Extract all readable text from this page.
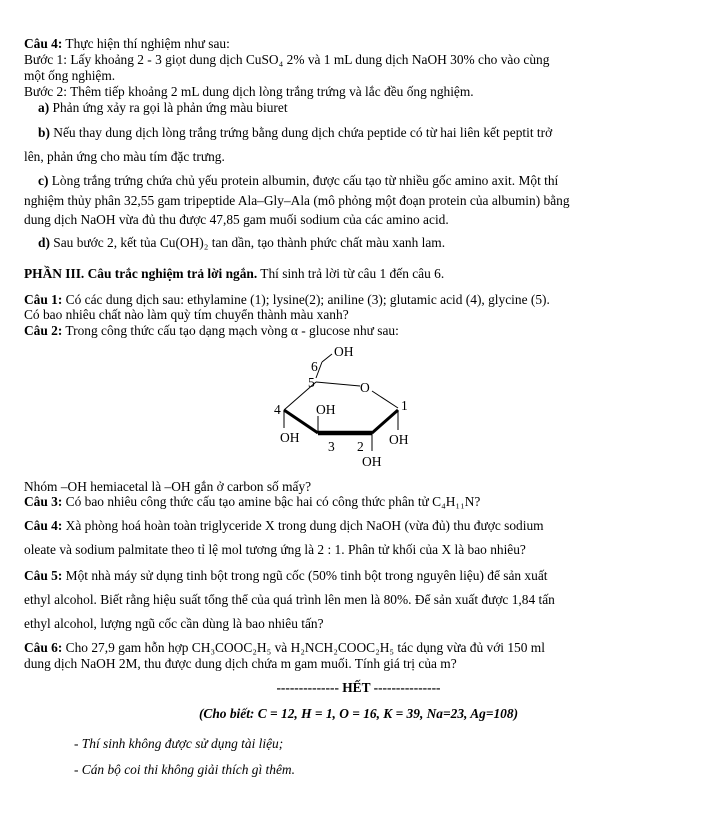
Câu 4: Thực hiện thí nghiệm như sau:
Bước 1: Lấy khoảng 2 - 3 giọt dung dịch CuSO₄ 2% và 1 mL dung dịch NaOH 30% cho vào cùng
một ống nghiệm.
Bước 2: Thêm tiếp khoảng 2 mL dung dịch lòng trắng trứng và lắc đều ống nghiệm.
a) Phản ứng xảy ra gọi là phản ứng màu biuret
b) Nếu thay dung dịch lòng trắng trứng bằng dung dịch chứa peptide có từ hai liên kết peptit trở
lên, phản ứng cho màu tím đặc trưng.
c) Lòng trắng trứng chứa chủ yếu protein albumin, được cấu tạo từ nhiều gốc amino axit. Một thí
nghiệm thủy phân 32,55 gam tripeptide Ala–Gly–Ala (mô phỏng một đoạn protein của albumin) bằng
dung dịch NaOH vừa đủ thu được 47,85 gam muối sodium của các amino acid.
d) Sau bước 2, kết tủa Cu(OH)₂ tan dần, tạo thành phức chất màu xanh lam.
PHẦN III. Câu trắc nghiệm trả lời ngắn. Thí sinh trả lời từ câu 1 đến câu 6.
Câu 1: Có các dung dịch sau: ethylamine (1); lysine(2); aniline (3); glutamic acid (4), glycine (5).
Có bao nhiêu chất nào làm quỳ tím chuyển thành màu xanh?
Câu 2: Trong công thức cấu tạo dạng mạch vòng α - glucose như sau:
OH
6
O
5
4	1
OH
OH
3 2 OH
OH
Nhóm –OH hemiacetal là –OH gắn ở carbon số mấy?
Câu 3: Có bao nhiêu công thức cấu tạo amine bậc hai có công thức phân tử C₄H₁₁N?
Câu 4: Xà phòng hoá hoàn toàn triglyceride X trong dung dịch NaOH (vừa đủ) thu được sodium
oleate và sodium palmitate theo tỉ lệ mol tương ứng là 2 : 1. Phân tử khối của X là bao nhiêu?
Câu 5: Một nhà máy sử dụng tinh bột trong ngũ cốc (50% tinh bột trong nguyên liệu) để sản xuất
ethyl alcohol. Biết rằng hiệu suất tổng thể của quá trình lên men là 80%. Để sản xuất được 1,84 tấn
ethyl alcohol, lượng ngũ cốc cần dùng là bao nhiêu tấn?
Câu 6: Cho 27,9 gam hỗn hợp CH₃COOC₂H₅ và H₂NCH₂COOC₂H₅ tác dụng vừa đủ với 150 ml
dung dịch NaOH 2M, thu được dung dịch chứa m gam muối. Tính giá trị của m?
-------------- HẾT ---------------
(Cho biết: C = 12, H = 1, O = 16, K = 39, Na=23, Ag=108)
- Thí sinh không được sử dụng tài liệu;
- Cán bộ coi thi không giải thích gì thêm.
